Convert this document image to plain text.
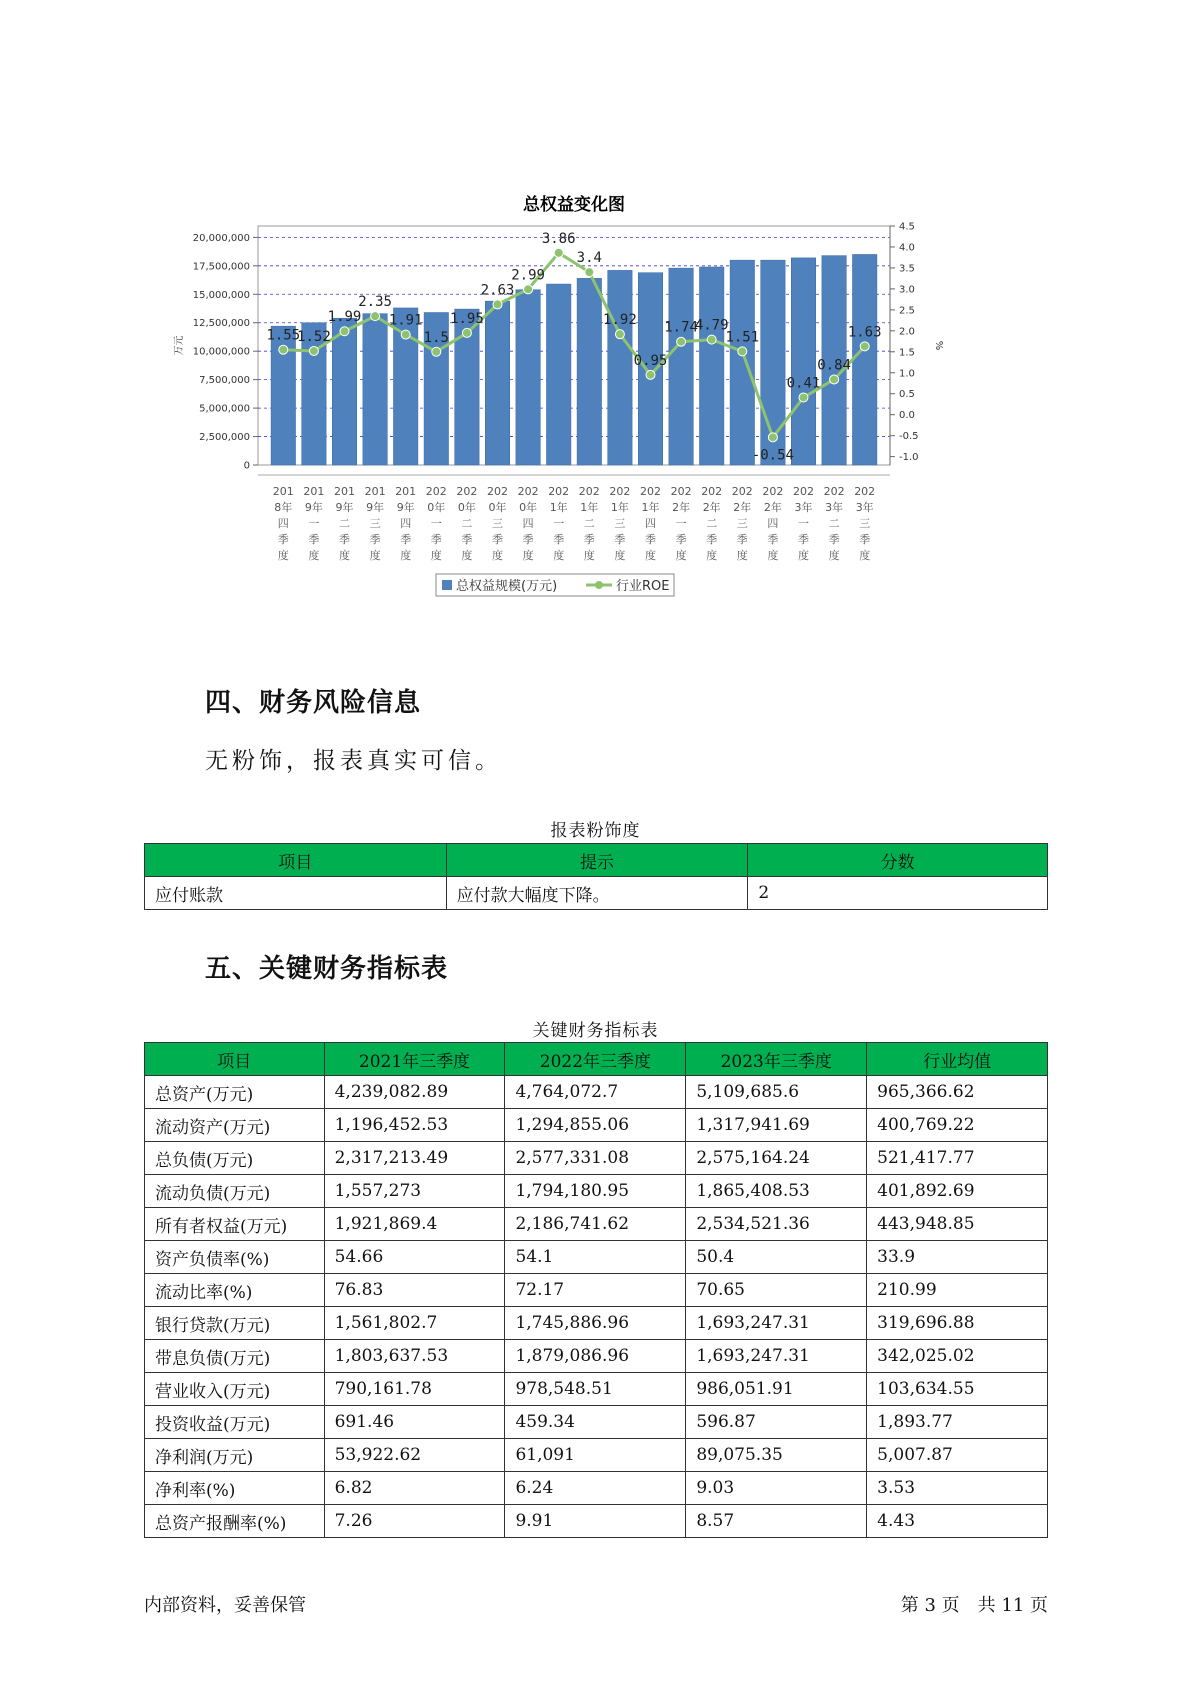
总权益变化图
0
2,500,000
5,000,000
7,500,000
10,000,000
12,500,000
15,000,000
17,500,000
20,000,000
4.5
4.0
3.5
3.0
2.5
2.0
1.5
1.0
0.5
0.0
-0.5
-1.0
万元	%
201
8年
四
季
度
201
9年
一
季
度
201
9年
二
季
度
201
9年
三
季
度
201
9年
四
季
度
202
0年
一
季
度
202
0年
二
季
度
202
0年
三
季
度
202
0年
四
季
度
202
1年
一
季
度
202
1年
二
季
度
202
1年
三
季
度
202
1年
四
季
度
202
2年
一
季
度
202
2年
二
季
度
202
2年
三
季
度
202
2年
四
季
度
202
3年
一
季
度
202
3年
二
季
度
202
3年
三
季
度
1.55
1.52
1.99
2.35
1.91
1.5
1.95
2.63
2.99
3.86
3.4
1.92
0.95
1.74
4.79
1.51
-0.54
0.41
0.84
1.63
总权益规模(万元)	行业ROE
四、财务风险信息
无粉饰，报表真实可信。
报表粉饰度
项目	提示	分数
应付账款	应付款大幅度下降。	2
五、关键财务指标表
关键财务指标表
项目	2021年三季度	2022年三季度	2023年三季度	行业均值
总资产(万元)	4,239,082.89	4,764,072.7	5,109,685.6	965,366.62
流动资产(万元)	1,196,452.53	1,294,855.06	1,317,941.69	400,769.22
总负债(万元)	2,317,213.49	2,577,331.08	2,575,164.24	521,417.77
流动负债(万元)	1,557,273	1,794,180.95	1,865,408.53	401,892.69
所有者权益(万元)	1,921,869.4	2,186,741.62	2,534,521.36	443,948.85
资产负债率(%)	54.66	54.1	50.4	33.9
流动比率(%)	76.83	72.17	70.65	210.99
银行贷款(万元)	1,561,802.7	1,745,886.96	1,693,247.31	319,696.88
带息负债(万元)	1,803,637.53	1,879,086.96	1,693,247.31	342,025.02
营业收入(万元)	790,161.78	978,548.51	986,051.91	103,634.55
投资收益(万元)	691.46	459.34	596.87	1,893.77
净利润(万元)	53,922.62	61,091	89,075.35	5,007.87
净利率(%)	6.82	6.24	9.03	3.53
总资产报酬率(%)	7.26	9.91	8.57	4.43
内部资料，妥善保管	第 3 页　共 11 页
